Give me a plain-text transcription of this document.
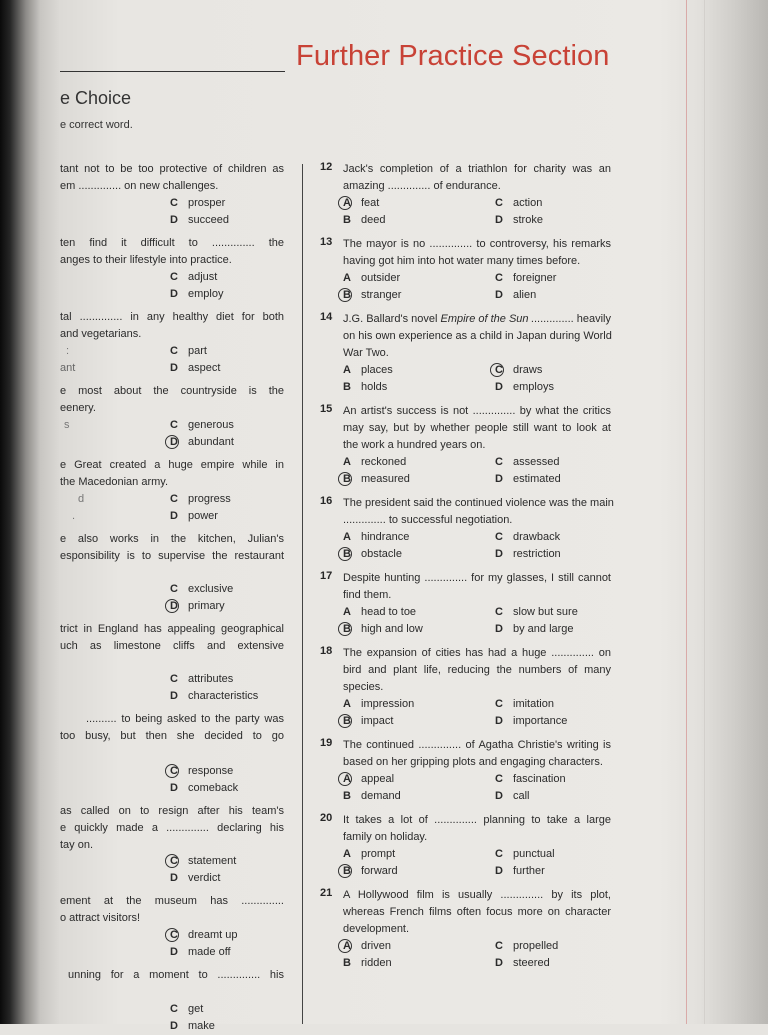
Further Practice Section
e Choice
e correct word.
tant not to be too protective of children as
em .............. on new challenges.
C prosper
D succeed
ten find it difficult to .............. the
anges to their lifestyle into practice.
C adjust
D employ
tal .............. in any healthy diet for both
and vegetarians.
:
ant
C part
D aspect
e most about the countryside is the
eenery.
s	C generous
D abundant
e Great created a huge empire while in
the Macedonian army.
d
.
C progress
D power
e also works in the kitchen, Julian's
esponsibility is to supervise the restaurant
C exclusive
D primary
trict in England has appealing geographical
uch as limestone cliffs and extensive
C attributes
D characteristics
.......... to being asked to the party was
too busy, but then she decided to go
C response
D comeback
as called on to resign after his team's
e quickly made a .............. declaring his
tay on.
C statement
D verdict
ement at the museum has ..............
o attract visitors!
C dreamt up
D made off
unning for a moment to .............. his
C get
D make
12 Jack's completion of a triathlon for charity was an
amazing .............. of endurance.
A feat	C action
B deed	D stroke
13 The mayor is no .............. to controversy, his remarks
having got him into hot water many times before.
A outsider	C foreigner
B stranger	D alien
14 J.G. Ballard's novel Empire of the Sun .............. heavily
on his own experience as a child in Japan during World
War Two.
A places	C draws
B holds	D employs
15 An artist's success is not .............. by what the critics
may say, but by whether people still want to look at
the work a hundred years on.
A reckoned	C assessed
B measured	D estimated
16 The president said the continued violence was the main
.............. to successful negotiation.
A hindrance	C drawback
B obstacle	D restriction
17 Despite hunting .............. for my glasses, I still cannot
find them.
A head to toe	C slow but sure
B high and low	D by and large
18 The expansion of cities has had a huge .............. on
bird and plant life, reducing the numbers of many
species.
A impression	C imitation
B impact	D importance
19 The continued .............. of Agatha Christie's writing is
based on her gripping plots and engaging characters.
A appeal	C fascination
B demand	D call
20 It takes a lot of .............. planning to take a large
family on holiday.
A prompt	C punctual
B forward	D further
21 A Hollywood film is usually .............. by its plot,
whereas French films often focus more on character
development.
A driven	C propelled
B ridden	D steered
